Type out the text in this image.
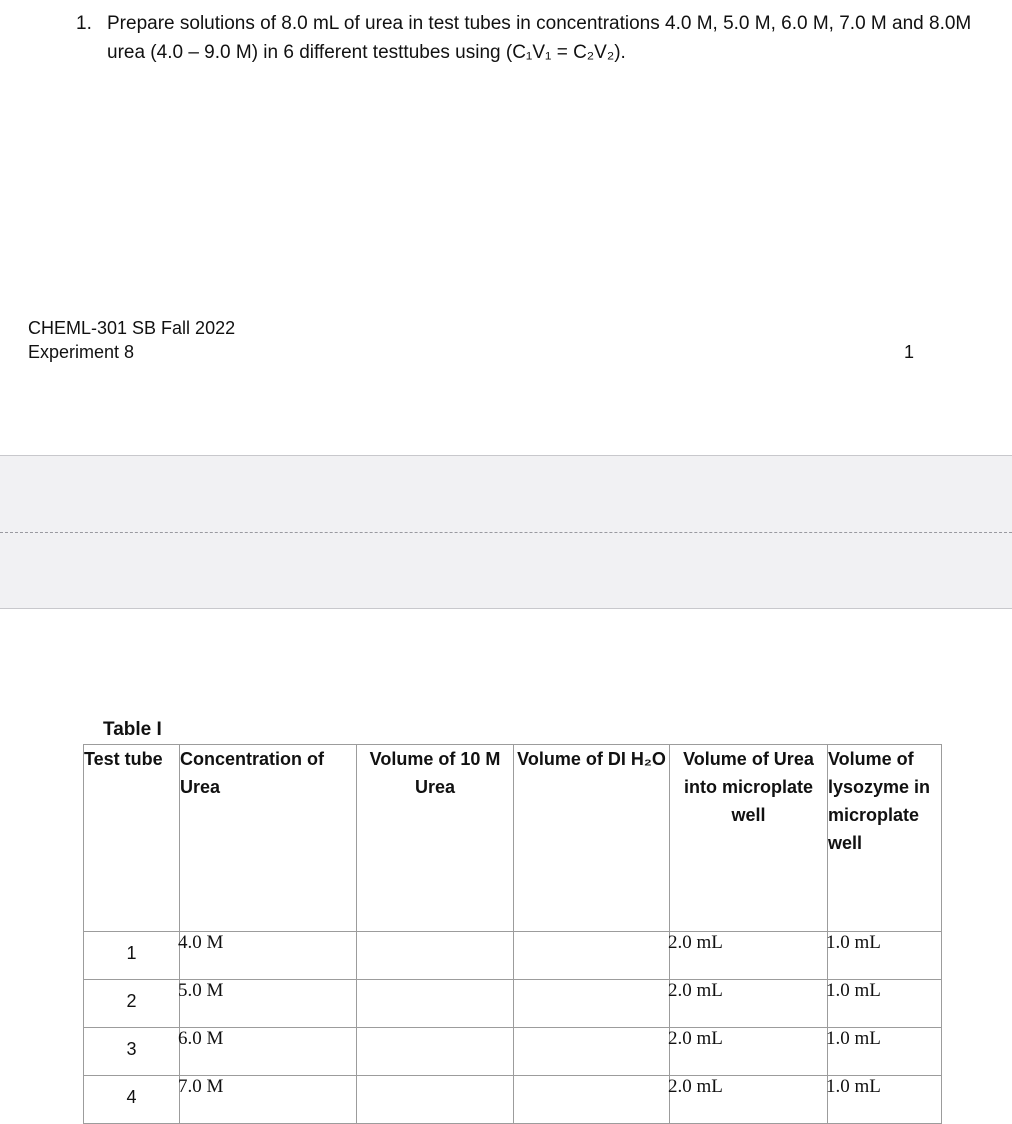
1. Prepare solutions of 8.0 mL of urea in test tubes in concentrations 4.0 M, 5.0 M, 6.0 M, 7.0 M and 8.0M urea (4.0 – 9.0 M) in 6 different testtubes using (C₁V₁ = C₂V₂).
CHEML-301 SB Fall 2022
Experiment 8	1
Table I
Test tube	Concentration of Urea	Volume of 10 M Urea	Volume of DI H₂O	Volume of Urea into microplate well	Volume of lysozyme in microplate well
1	4.0 M			2.0 mL	1.0 mL
2	5.0 M			2.0 mL	1.0 mL
3	6.0 M			2.0 mL	1.0 mL
4	7.0 M			2.0 mL	1.0 mL
